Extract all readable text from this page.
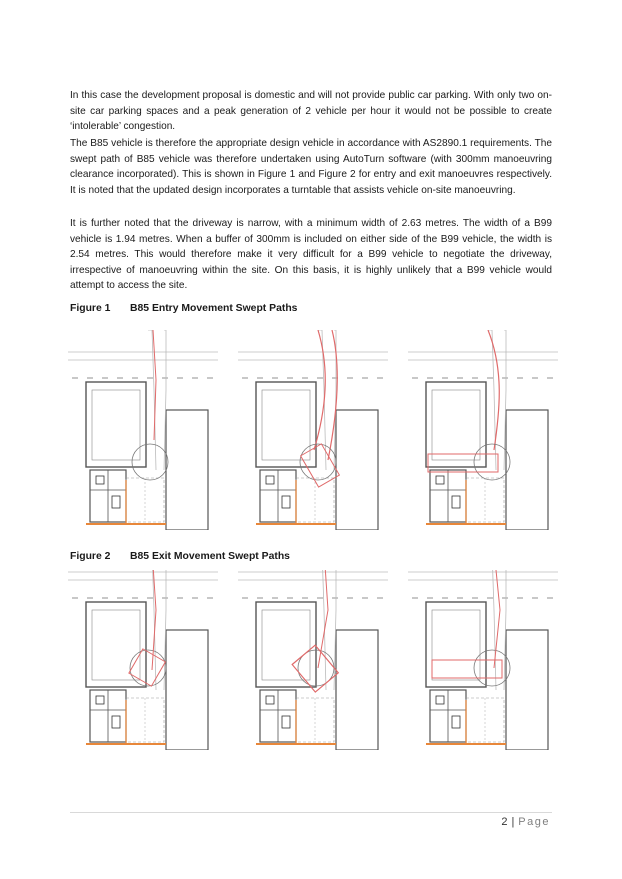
In this case the development proposal is domestic and will not provide public car parking. With only two on-site car parking spaces and a peak generation of 2 vehicle per hour it would not be possible to create ‘intolerable’ congestion.

The B85 vehicle is therefore the appropriate design vehicle in accordance with AS2890.1 requirements. The swept path of B85 vehicle was therefore undertaken using AutoTurn software (with 300mm manoeuvring clearance incorporated). This is shown in Figure 1 and Figure 2 for entry and exit manoeuvres respectively. It is noted that the updated design incorporates a turntable that assists vehicle on-site manoeuvring.

It is further noted that the driveway is narrow, with a minimum width of 2.63 metres. The width of a B99 vehicle is 1.94 metres. When a buffer of 300mm is included on either side of the B99 vehicle, the width is 2.54 metres. This would therefore make it very difficult for a B99 vehicle to negotiate the driveway, irrespective of manoeuvring within the site. On this basis, it is highly unlikely that a B99 vehicle would attempt to access the site.

Figure 1 B85 Entry Movement Swept Paths

Figure 2 B85 Exit Movement Swept Paths

2 | Page
